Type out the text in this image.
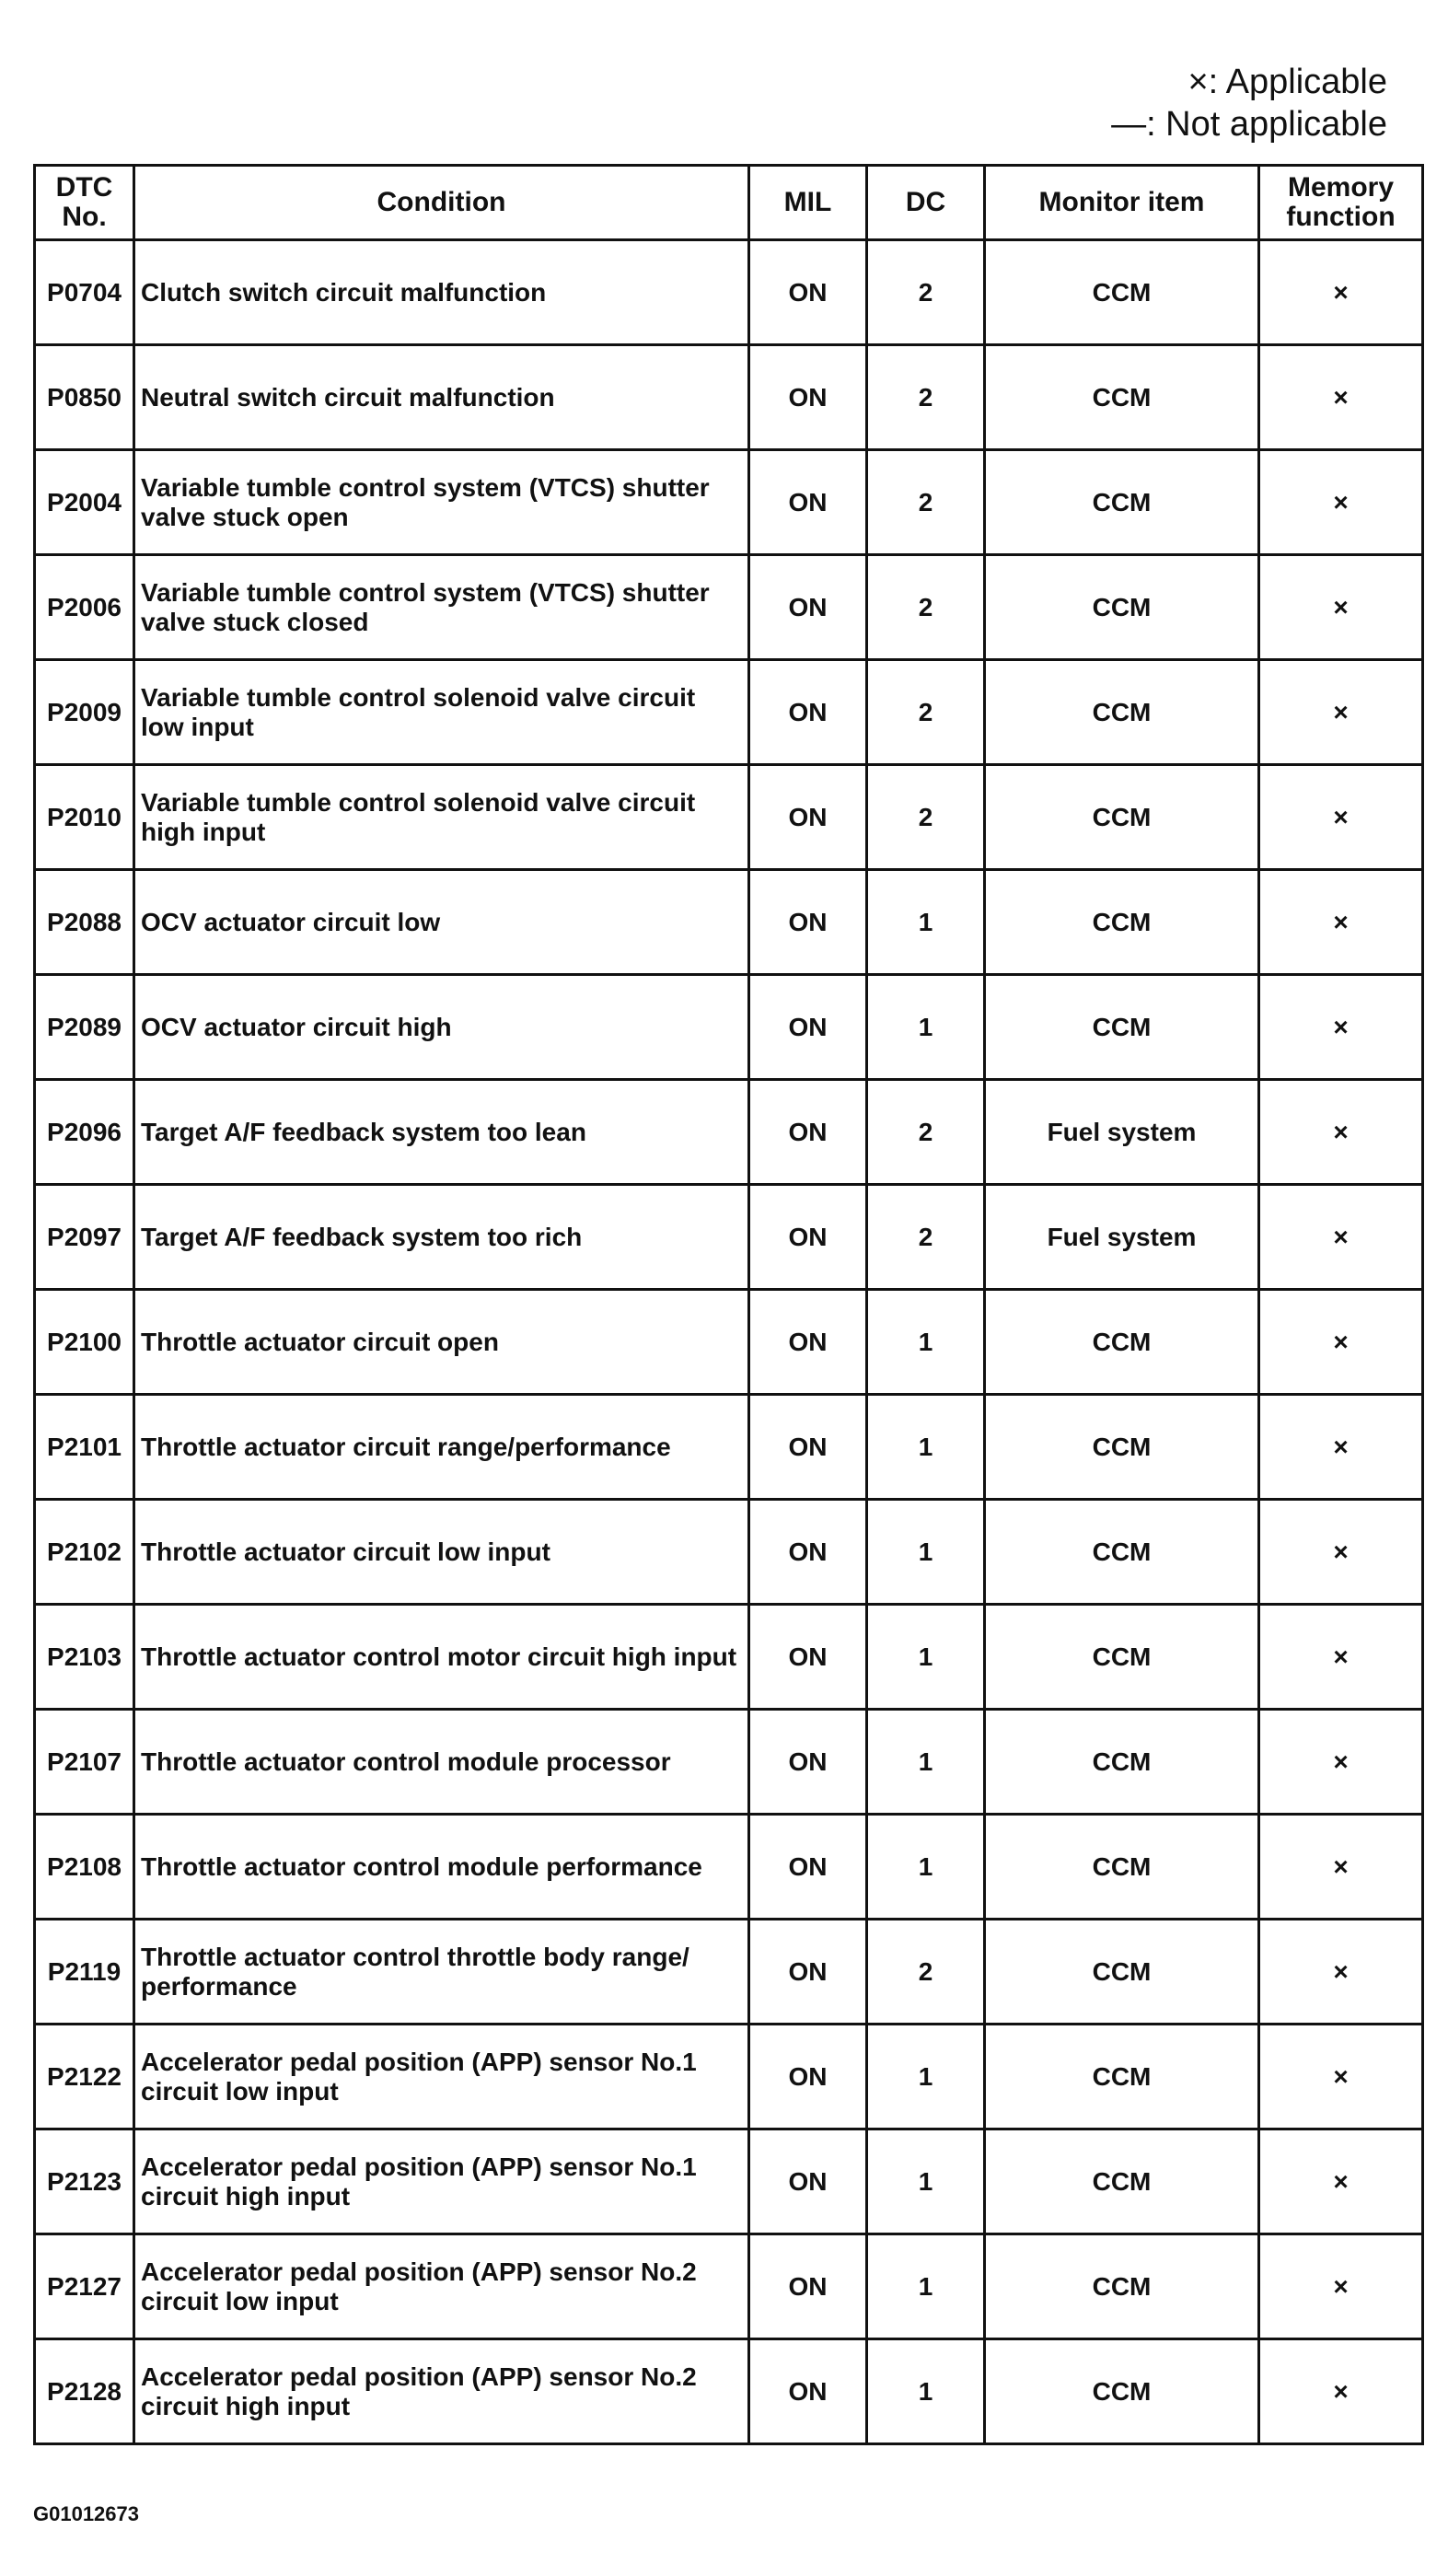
×: Applicable
—: Not applicable
DTC No.	Condition	MIL	DC	Monitor item	Memory function
P0704	Clutch switch circuit malfunction	ON	2	CCM	×
P0850	Neutral switch circuit malfunction	ON	2	CCM	×
P2004	Variable tumble control system (VTCS) shutter valve stuck open	ON	2	CCM	×
P2006	Variable tumble control system (VTCS) shutter valve stuck closed	ON	2	CCM	×
P2009	Variable tumble control solenoid valve circuit low input	ON	2	CCM	×
P2010	Variable tumble control solenoid valve circuit high input	ON	2	CCM	×
P2088	OCV actuator circuit low	ON	1	CCM	×
P2089	OCV actuator circuit high	ON	1	CCM	×
P2096	Target A/F feedback system too lean	ON	2	Fuel system	×
P2097	Target A/F feedback system too rich	ON	2	Fuel system	×
P2100	Throttle actuator circuit open	ON	1	CCM	×
P2101	Throttle actuator circuit range/performance	ON	1	CCM	×
P2102	Throttle actuator circuit low input	ON	1	CCM	×
P2103	Throttle actuator control motor circuit high input	ON	1	CCM	×
P2107	Throttle actuator control module processor	ON	1	CCM	×
P2108	Throttle actuator control module performance	ON	1	CCM	×
P2119	Throttle actuator control throttle body range/ performance	ON	2	CCM	×
P2122	Accelerator pedal position (APP) sensor No.1 circuit low input	ON	1	CCM	×
P2123	Accelerator pedal position (APP) sensor No.1 circuit high input	ON	1	CCM	×
P2127	Accelerator pedal position (APP) sensor No.2 circuit low input	ON	1	CCM	×
P2128	Accelerator pedal position (APP) sensor No.2 circuit high input	ON	1	CCM	×
G01012673
